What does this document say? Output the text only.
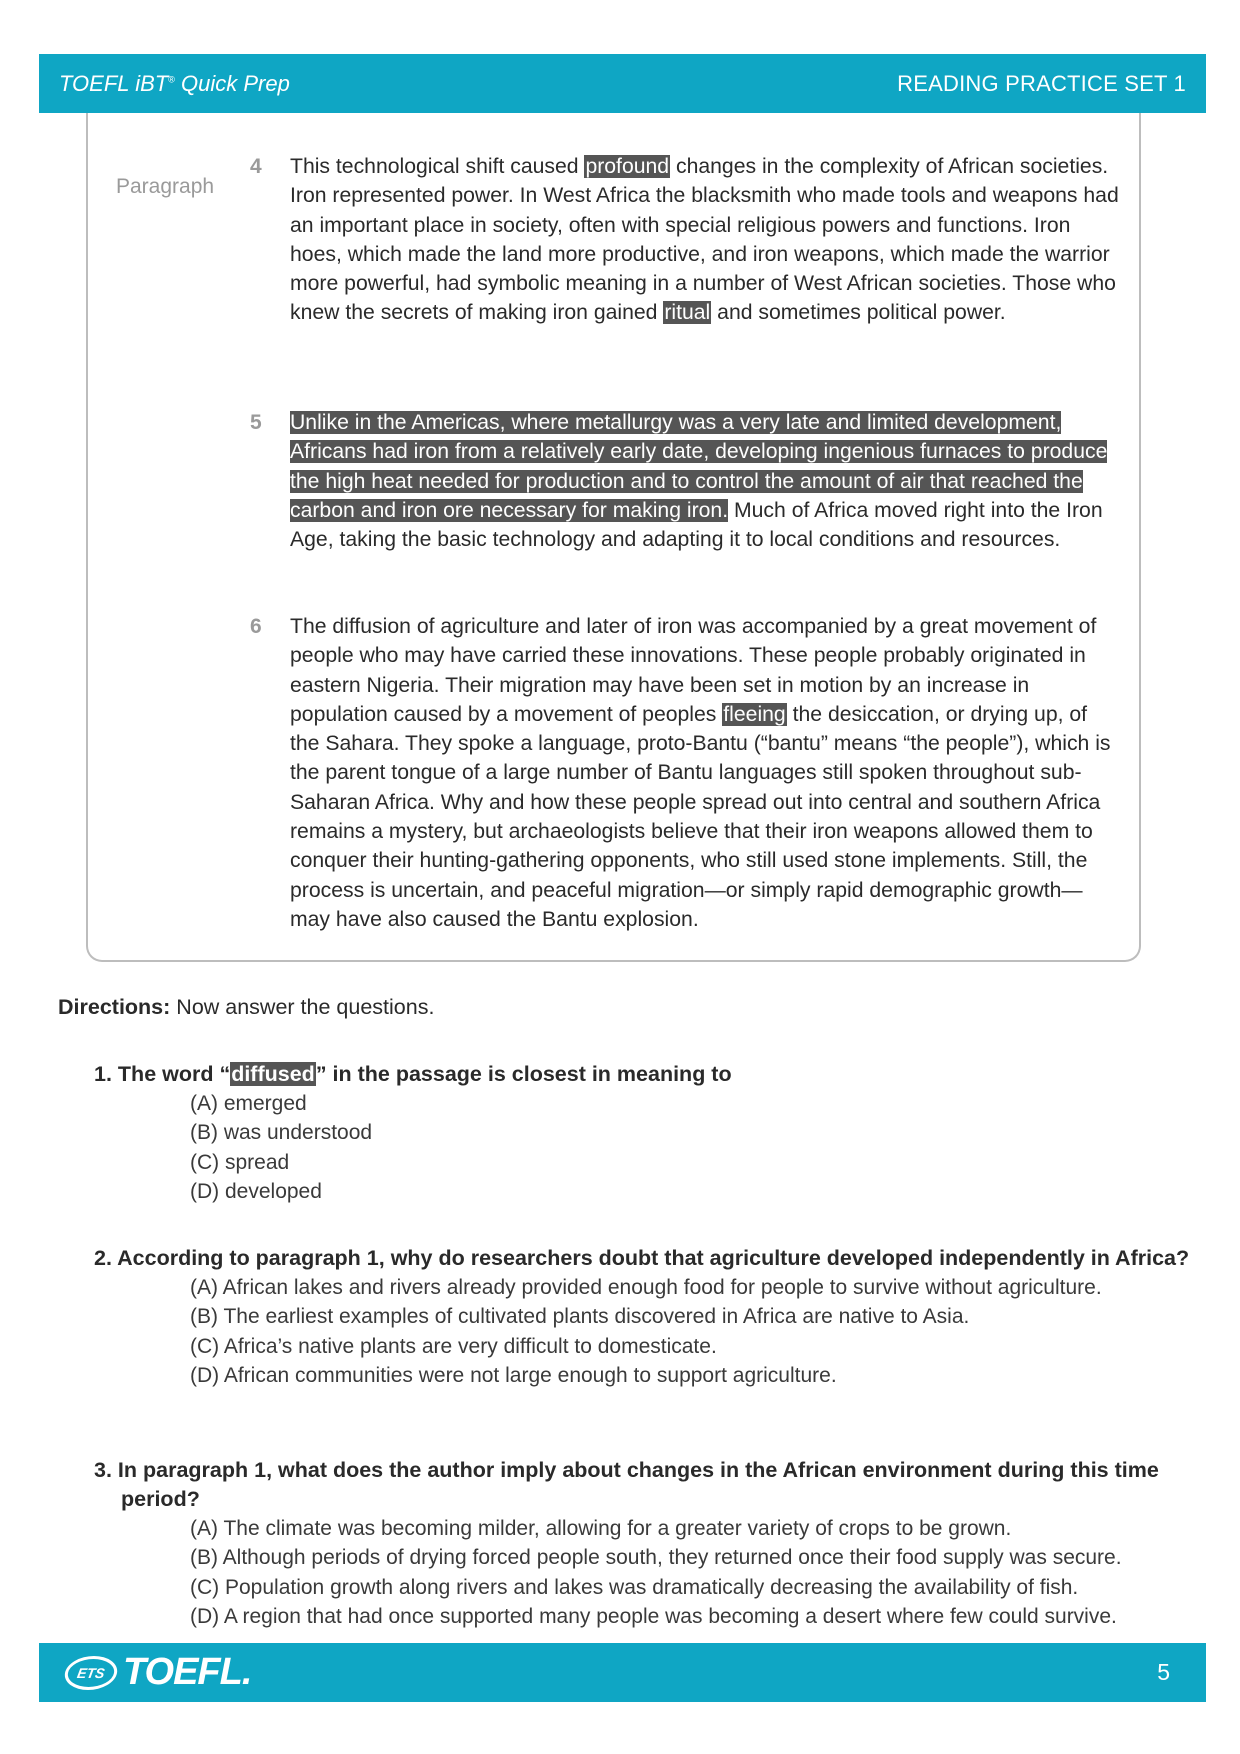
TOEFL iBT® Quick Prep	READING PRACTICE SET 1
Paragraph
4 This technological shift caused profound changes in the complexity of African societies. Iron represented power. In West Africa the blacksmith who made tools and weapons had an important place in society, often with special religious powers and functions. Iron hoes, which made the land more productive, and iron weapons, which made the warrior more powerful, had symbolic meaning in a number of West African societies. Those who knew the secrets of making iron gained ritual and sometimes political power.
5 Unlike in the Americas, where metallurgy was a very late and limited development, Africans had iron from a relatively early date, developing ingenious furnaces to produce the high heat needed for production and to control the amount of air that reached the carbon and iron ore necessary for making iron. Much of Africa moved right into the Iron Age, taking the basic technology and adapting it to local conditions and resources.
6 The diffusion of agriculture and later of iron was accompanied by a great movement of people who may have carried these innovations. These people probably originated in eastern Nigeria. Their migration may have been set in motion by an increase in population caused by a movement of peoples fleeing the desiccation, or drying up, of the Sahara. They spoke a language, proto-Bantu (“bantu” means “the people”), which is the parent tongue of a large number of Bantu languages still spoken throughout sub-Saharan Africa. Why and how these people spread out into central and southern Africa remains a mystery, but archaeologists believe that their iron weapons allowed them to conquer their hunting-gathering opponents, who still used stone implements. Still, the process is uncertain, and peaceful migration—or simply rapid demographic growth—may have also caused the Bantu explosion.
Directions: Now answer the questions.

1. The word “diffused” in the passage is closest in meaning to

(A) emerged
(B) was understood
(C) spread
(D) developed

2. According to paragraph 1, why do researchers doubt that agriculture developed independently in Africa?

(A) African lakes and rivers already provided enough food for people to survive without agriculture.
(B) The earliest examples of cultivated plants discovered in Africa are native to Asia.
(C) Africa’s native plants are very difficult to domesticate.
(D) African communities were not large enough to support agriculture.

3. In paragraph 1, what does the author imply about changes in the African environment during this time period?

(A) The climate was becoming milder, allowing for a greater variety of crops to be grown.
(B) Although periods of drying forced people south, they returned once their food supply was secure.
(C) Population growth along rivers and lakes was dramatically decreasing the availability of fish.
(D) A region that had once supported many people was becoming a desert where few could survive.
ETS TOEFL.	5
